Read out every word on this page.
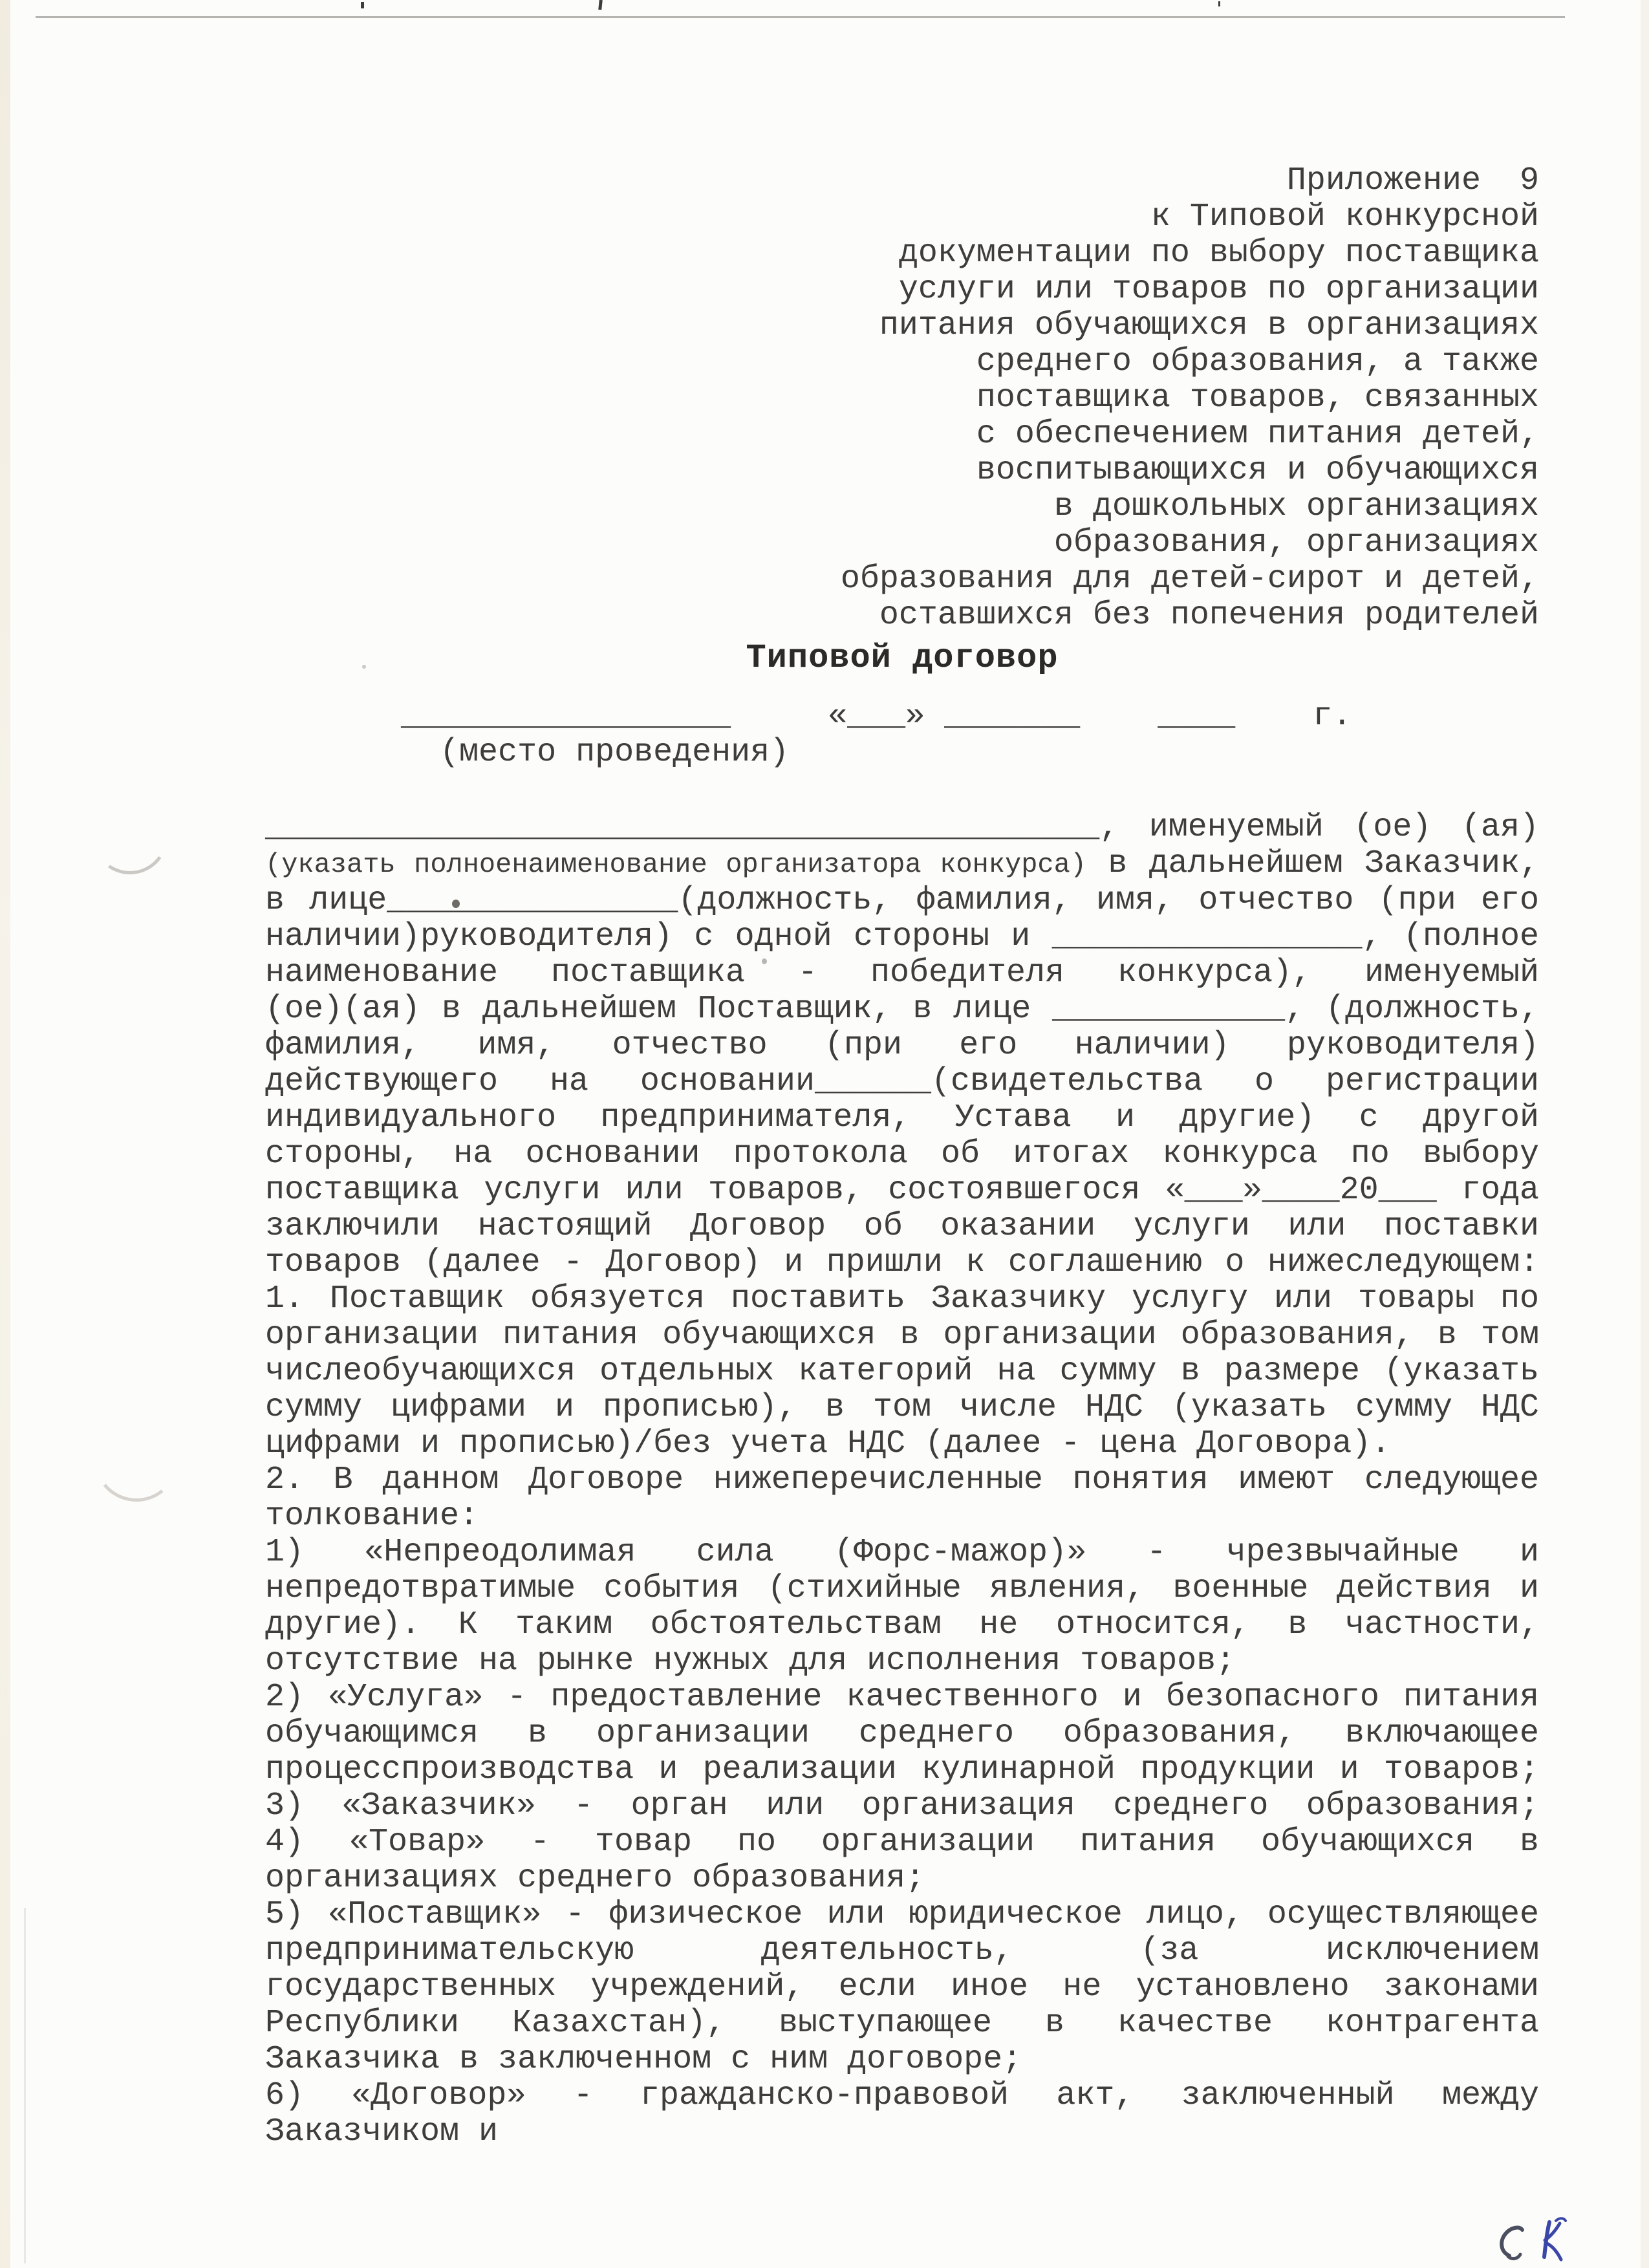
Приложение  9
к Типовой конкурсной
документации по выбору поставщика
услуги или товаров по организации
питания обучающихся в организациях
среднего образования, а также
поставщика товаров, связанных
с обеспечением питания детей,
воспитывающихся и обучающихся
в дошкольных организациях
образования, организациях
образования для детей-сирот и детей,
оставшихся без попечения родителей
Типовой договор
_________________     «___» _______    ____    г.
(место проведения)
___________________________________________, именуемый (ое) (ая)
(указать полноенаименование организатора конкурса) в дальнейшем Заказчик,
в лице_______________(должность, фамилия, имя, отчество (при его
наличии)руководителя) с одной стороны и ________________, (полное
наименование поставщика - победителя конкурса), именуемый
(ое)(ая) в дальнейшем Поставщик, в лице ____________, (должность,
фамилия, имя, отчество (при его наличии) руководителя)
действующего на основании______(свидетельства о регистрации
индивидуального предпринимателя, Устава и другие) с другой
стороны, на основании протокола об итогах конкурса по выбору
поставщика услуги или товаров, состоявшегося «___»____20___ года
заключили настоящий Договор об оказании услуги или поставки
товаров (далее - Договор) и пришли к соглашению о нижеследующем:
1. Поставщик обязуется поставить Заказчику услугу или товары по
организации питания обучающихся в организации образования, в том
числеобучающихся отдельных категорий на сумму в размере (указать
сумму цифрами и прописью), в том числе НДС (указать сумму НДС
цифрами и прописью)/без учета НДС (далее - цена Договора).
2. В данном Договоре нижеперечисленные понятия имеют следующее
толкование:
1) «Непреодолимая сила (Форс-мажор)» - чрезвычайные и
непредотвратимые события (стихийные явления, военные действия и
другие). К таким обстоятельствам не относится, в частности,
отсутствие на рынке нужных для исполнения товаров;
2) «Услуга» - предоставление качественного и безопасного питания
обучающимся в организации среднего образования, включающее
процесспроизводства и реализации кулинарной продукции и товаров;
3) «Заказчик» - орган или организация среднего образования;
4) «Товар» - товар по организации питания обучающихся в
организациях среднего образования;
5) «Поставщик» - физическое или юридическое лицо, осуществляющее
предпринимательскую деятельность, (за исключением
государственных учреждений, если иное не установлено законами
Республики Казахстан), выступающее в качестве контрагента
Заказчика в заключенном с ним договоре;
6) «Договор» - гражданско-правовой акт, заключенный между
Заказчиком и
